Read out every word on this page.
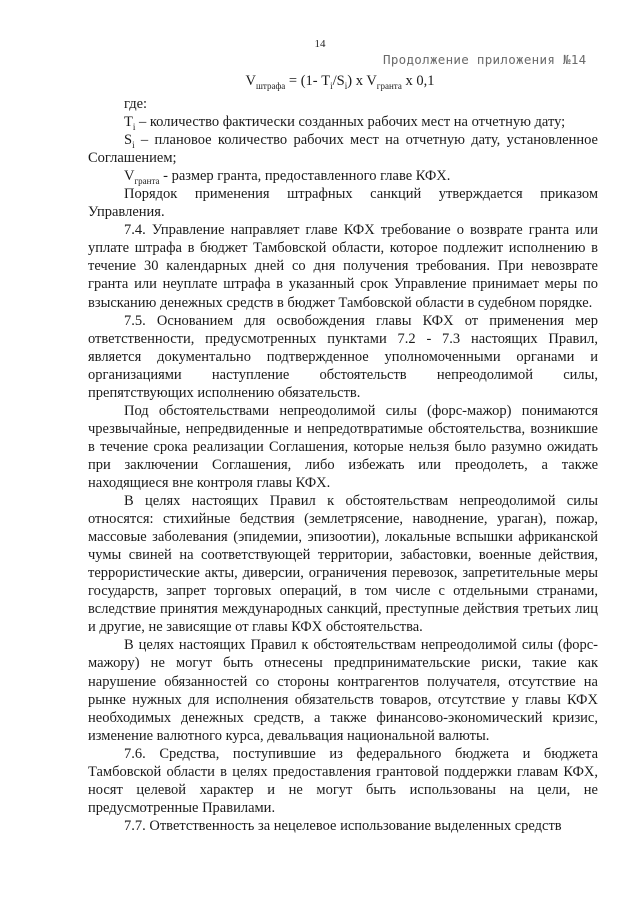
14
Продолжение приложения №14
$V_{штрафа} = (1-$ $T_i/S_i$) x $V_{гранта}$ x 0,1

где:

$T_i$ – количество фактически созданных рабочих мест на отчетную дату;

$S_i$ – плановое количество рабочих мест на отчетную дату, установленное Соглашением;

$V_{гранта}$ - размер гранта, предоставленного главе КФХ.

Порядок применения штрафных санкций утверждается приказом Управления.

7.4. Управление направляет главе КФХ требование о возврате гранта или уплате штрафа в бюджет Тамбовской области, которое подлежит исполнению в течение 30 календарных дней со дня получения требования. При невозврате гранта или неуплате штрафа в указанный срок Управление принимает меры по взысканию денежных средств в бюджет Тамбовской области в судебном порядке.

7.5. Основанием для освобождения главы КФХ от применения мер ответственности, предусмотренных пунктами 7.2 - 7.3 настоящих Правил, является документально подтвержденное уполномоченными органами и организациями наступление обстоятельств непреодолимой силы, препятствующих исполнению обязательств.

Под обстоятельствами непреодолимой силы (форс-мажор) понимаются чрезвычайные, непредвиденные и непредотвратимые обстоятельства, возникшие в течение срока реализации Соглашения, которые нельзя было разумно ожидать при заключении Соглашения, либо избежать или преодолеть, а также находящиеся вне контроля главы КФХ.

В целях настоящих Правил к обстоятельствам непреодолимой силы относятся: стихийные бедствия (землетрясение, наводнение, ураган), пожар, массовые заболевания (эпидемии, эпизоотии), локальные вспышки африканской чумы свиней на соответствующей территории, забастовки, военные действия, террористические акты, диверсии, ограничения перевозок, запретительные меры государств, запрет торговых операций, в том числе с отдельными странами, вследствие принятия международных санкций, преступные действия третьих лиц и другие, не зависящие от главы КФХ обстоятельства.

В целях настоящих Правил к обстоятельствам непреодолимой силы (форс-мажору) не могут быть отнесены предпринимательские риски, такие как нарушение обязанностей со стороны контрагентов получателя, отсутствие на рынке нужных для исполнения обязательств товаров, отсутствие у главы КФХ необходимых денежных средств, а также финансово-экономический кризис, изменение валютного курса, девальвация национальной валюты.

7.6. Средства, поступившие из федерального бюджета и бюджета Тамбовской области в целях предоставления грантовой поддержки главам КФХ, носят целевой характер и не могут быть использованы на цели, не предусмотренные Правилами.

7.7. Ответственность за нецелевое использование выделенных средств
